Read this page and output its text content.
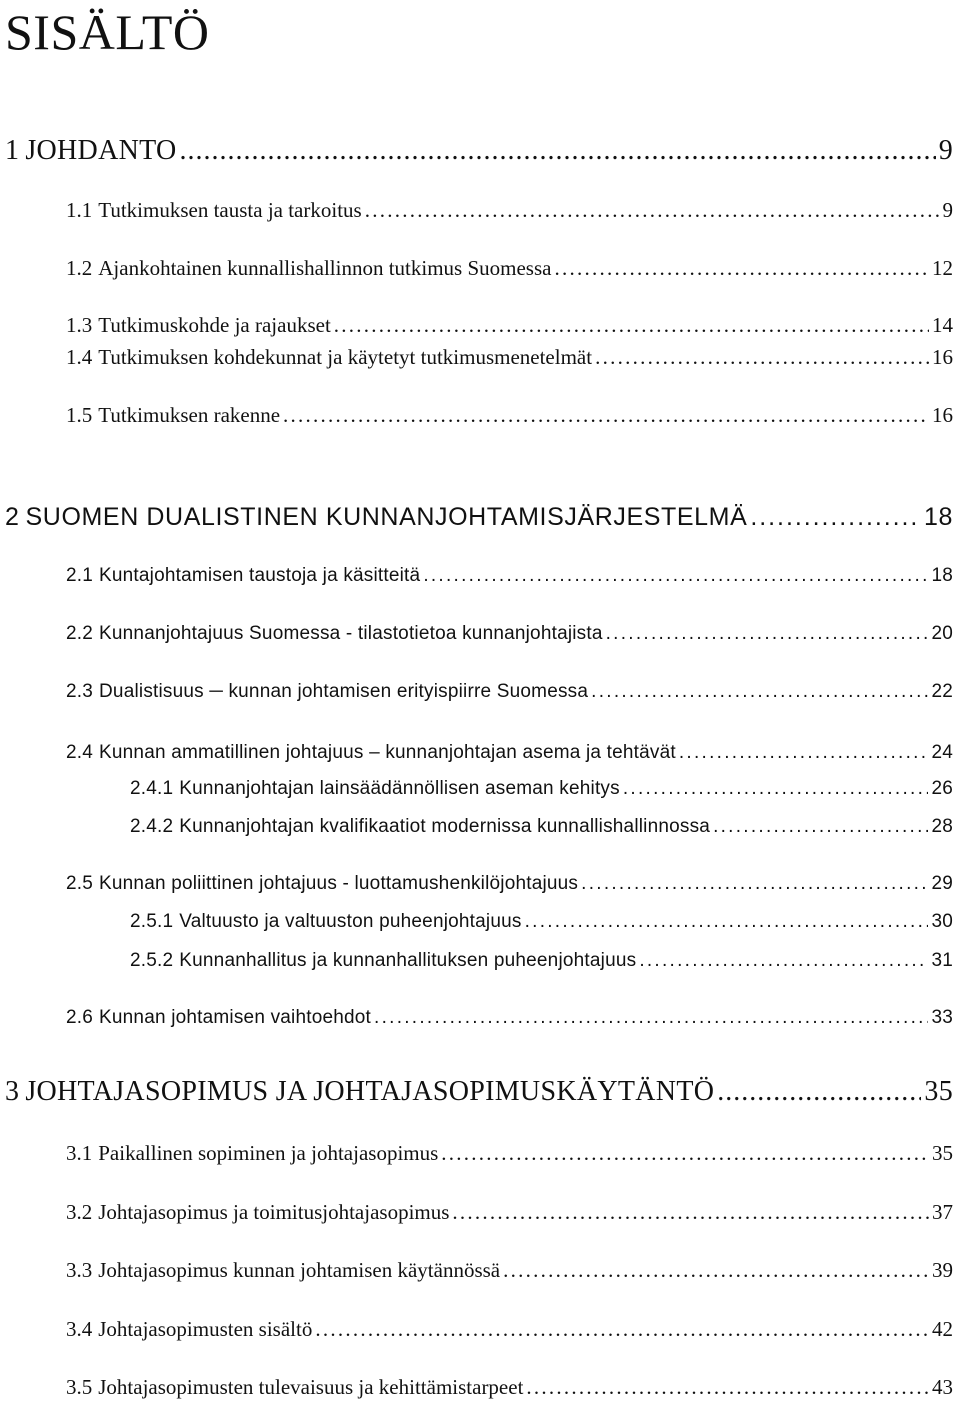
SISÄLTÖ
1 JOHDANTO . . .	9
1.1 Tutkimuksen tausta ja tarkoitus . . .	9
1.2 Ajankohtainen kunnallishallinnon tutkimus Suomessa . . .	12
1.3 Tutkimuskohde ja rajaukset . . .	14
1.4 Tutkimuksen kohdekunnat ja käytetyt tutkimusmenetelmät . . .	16
1.5 Tutkimuksen rakenne . . .	16
2 SUOMEN DUALISTINEN KUNNANJOHTAMISJÄRJESTELMÄ . . .	18
2.1 Kuntajohtamisen taustoja ja käsitteitä . . .	18
2.2 Kunnanjohtajuus Suomessa - tilastotietoa kunnanjohtajista . . .	20
2.3 Dualistisuus ─ kunnan johtamisen erityispiirre Suomessa . . .	22
2.4 Kunnan ammatillinen johtajuus – kunnanjohtajan asema ja tehtävät . . .	24
2.4.1 Kunnanjohtajan lainsäädännöllisen aseman kehitys . . .	26
2.4.2 Kunnanjohtajan kvalifikaatiot modernissa kunnallishallinnossa . . .	28
2.5 Kunnan poliittinen johtajuus - luottamushenkilöjohtajuus . . .	29
2.5.1 Valtuusto ja valtuuston puheenjohtajuus . . .	30
2.5.2 Kunnanhallitus ja kunnanhallituksen puheenjohtajuus . . .	31
2.6 Kunnan johtamisen vaihtoehdot . . .	33
3 JOHTAJASOPIMUS JA JOHTAJASOPIMUSKÄYTÄNTÖ . . .	35
3.1 Paikallinen sopiminen ja johtajasopimus . . .	35
3.2 Johtajasopimus ja toimitusjohtajasopimus . . .	37
3.3 Johtajasopimus kunnan johtamisen käytännössä . . .	39
3.4 Johtajasopimusten sisältö . . .	42
3.5 Johtajasopimusten tulevaisuus ja kehittämistarpeet . . .	43
